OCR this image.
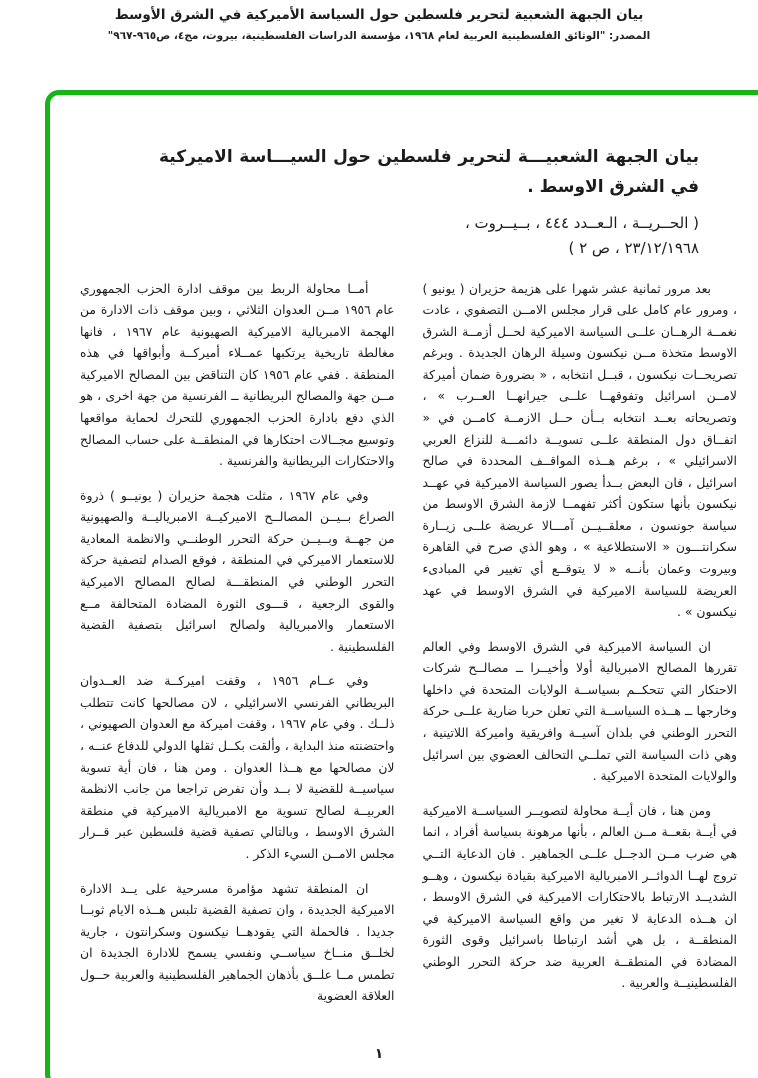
بيان الجبهة الشعبية لتحرير فلسطين حول السياسة الأميركية في الشرق الأوسط
المصدر: "الوثائق الفلسطينية العربية لعام ١٩٦٨، مؤسسة الدراسات الفلسطينية، بيروت، مج٤، ص٩٦٥-٩٦٧"
بيان الجبهة الشعبيـــة لتحرير فلسطين حول السيـــاسة الاميركية في الشرق الاوسط .
( الحــريــة ، الـعــدد ٤٤٤ ، بــيــروت ،
٢٣/١٢/١٩٦٨ ، ص ٢ )

بعد مرور ثمانية عشر شهرا على هزيمة حزيران ( يونيو ) ، ومرور عام كامل على قرار مجلس الامــن التصفوي ، عادت نغمــة الرهــان علــى السياسة الاميركية لحــل أزمــة الشرق الاوسط متخذة مــن نيكسون وسيلة الرهان الجديدة . وبرغم تصريحــات نيكسون ، قبــل انتخابه ، « بضرورة ضمان أميركة لامــن اسرائيل وتفوقهــا علــى جيرانهــا العــرب » ، وتصريحاته بعــد انتخابه بــأن حــل الازمــة كامــن في « اتفــاق دول المنطقة علــى تسويــة دائمـــة للنزاع العربي الاسرائيلي » ، برغم هــذه المواقــف المحددة في صالح اسرائيل ، فان البعض بــدأ يصور السياسة الاميركية في عهــد نيكسون بأنها ستكون أكثر تفهمــا لازمة الشرق الاوسط من سياسة جونسون ، معلقــيــن آمـــالا عريضة علــى زيــارة سكرانتـــون « الاستطلاعية » ، وهو الذي صرح في القاهرة وبيروت وعمان بأنــه « لا يتوقــع أي تغيير في المبادىء العريضة للسياسة الاميركية في الشرق الاوسط في عهد نيكسون » .

ان السياسة الاميركية في الشرق الاوسط وفي العالم تقررها المصالح الامبريالية أولا وأخيــرا ــ مصالــح شركات الاحتكار التي تتحكــم بسياســة الولايات المتحدة في داخلها وخارجها ــ هــذه السياســة التي تعلن حربا ضارية علــى حركة التحرر الوطني في بلدان آسيــة وافريقية واميركة اللاتينية ، وهي ذات السياسة التي تملــي التحالف العضوي بين اسرائيل والولايات المتحدة الاميركية .

ومن هنا ، فان أيــة محاولة لتصويــر السياســة الاميركية في أيــة بقعــة مــن العالم ، بأنها مرهونة بسياسة أفراد ، انما هي ضرب مــن الدجــل علــى الجماهير . فان الدعاية التــي تروج لهــا الدوائــر الامبريالية الاميركية بقيادة نيكسون ، وهــو الشديــد الارتباط بالاحتكارات الاميركية في الشرق الاوسط ، ان هــذه الدعاية لا تغير من واقع السياسة الاميركية في المنطقــة ، بل هي أشد ارتباطا باسرائيل وقوى الثورة المضادة في المنطقــة العربية ضد حركة التحرر الوطني الفلسطينيــة والعربية .

أمــا محاولة الربط بين موقف ادارة الحزب الجمهوري عام ١٩٥٦ مــن العدوان الثلاثي ، وبين موقف ذات الادارة من الهجمة الامبريالية الاميركية الصهيونية عام ١٩٦٧ ، فانها مغالطة تاريخية يرتكبها عمــلاء أميركــة وأبواقها في هذه المنطقة . ففي عام ١٩٥٦ كان التناقض بين المصالح الاميركية مــن جهة والمصالح البريطانية ــ الفرنسية من جهة اخرى ، هو الذي دفع بادارة الحزب الجمهوري للتحرك لحماية مواقعها وتوسيع مجــالات احتكارها في المنطقــة على حساب المصالح والاحتكارات البريطانية والفرنسية .

وفي عام ١٩٦٧ ، مثلت هجمة حزيران ( يونيــو ) ذروة الصراع بــيــن المصالــح الاميركيــة الامبرياليــة والصهيونية من جهــة وبــيــن حركة التحرر الوطنــي والانظمة المعادية للاستعمار الاميركي في المنطقة ، فوقع الصدام لتصفية حركة التحرر الوطني في المنطقـــة لصالح المصالح الاميركية والقوى الرجعية ، قـــوى الثورة المضادة المتحالفة مــع الاستعمار والامبريالية ولصالح اسرائيل بتصفية القضية الفلسطينية .

وفي عــام ١٩٥٦ ، وقفت اميركــة ضد العــدوان البريطاني الفرنسي الاسرائيلي ، لان مصالحها كانت تتطلب ذلــك . وفي عام ١٩٦٧ ، وقفت اميركة مع العدوان الصهيوني ، واحتضنته منذ البداية ، وألقت بكــل ثقلها الدولي للدفاع عنــه ، لان مصالحها مع هــذا العدوان . ومن هنا ، فان أية تسوية سياسيــة للقضية لا بــد وأن تفرض تراجعا من جانب الانظمة العربيــة لصالح تسوية مع الامبريالية الاميركية في منطقة الشرق الاوسط ، وبالتالي تصفية قضية فلسطين عبر قــرار مجلس الامــن السيء الذكر .

ان المنطقة تشهد مؤامرة مسرحية على يــد الادارة الاميركية الجديدة ، وان تصفية القضية تلبس هــذه الايام ثوبــا جديدا . فالحملة التي يقودهــا نيكسون وسكرانتون ، جارية لخلــق منــاخ سياســي ونفسي يسمح للادارة الجديدة ان تطمس مــا علــق بأذهان الجماهير الفلسطينية والعربية حــول العلاقة العضوية

١
